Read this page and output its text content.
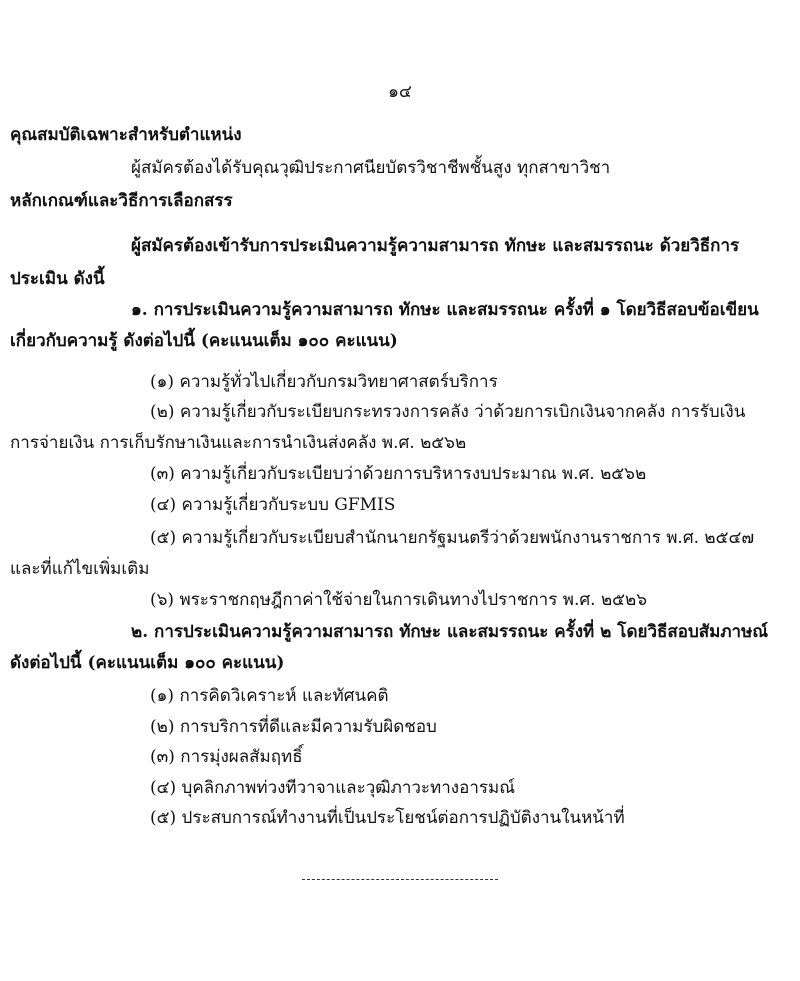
๑๔
คุณสมบัติเฉพาะสำหรับตำแหน่ง
ผู้สมัครต้องได้รับคุณวุฒิประกาศนียบัตรวิชาชีพชั้นสูง ทุกสาขาวิชา
หลักเกณฑ์และวิธีการเลือกสรร
ผู้สมัครต้องเข้ารับการประเมินความรู้ความสามารถ ทักษะ และสมรรถนะ ด้วยวิธีการ
ประเมิน ดังนี้
๑. การประเมินความรู้ความสามารถ ทักษะ และสมรรถนะ ครั้งที่ ๑ โดยวิธีสอบข้อเขียน
เกี่ยวกับความรู้ ดังต่อไปนี้ (คะแนนเต็ม ๑๐๐ คะแนน)
(๑) ความรู้ทั่วไปเกี่ยวกับกรมวิทยาศาสตร์บริการ
(๒) ความรู้เกี่ยวกับระเบียบกระทรวงการคลัง ว่าด้วยการเบิกเงินจากคลัง การรับเงิน
การจ่ายเงิน การเก็บรักษาเงินและการนำเงินส่งคลัง พ.ศ. ๒๕๖๒
(๓) ความรู้เกี่ยวกับระเบียบว่าด้วยการบริหารงบประมาณ พ.ศ. ๒๕๖๒
(๔) ความรู้เกี่ยวกับระบบ GFMIS
(๕) ความรู้เกี่ยวกับระเบียบสำนักนายกรัฐมนตรีว่าด้วยพนักงานราชการ พ.ศ. ๒๕๔๗
และที่แก้ไขเพิ่มเติม
(๖) พระราชกฤษฎีกาค่าใช้จ่ายในการเดินทางไปราชการ พ.ศ. ๒๕๒๖
๒. การประเมินความรู้ความสามารถ ทักษะ และสมรรถนะ ครั้งที่ ๒ โดยวิธีสอบสัมภาษณ์
ดังต่อไปนี้ (คะแนนเต็ม ๑๐๐ คะแนน)
(๑) การคิดวิเคราะห์ และทัศนคติ
(๒) การบริการที่ดีและมีความรับผิดชอบ
(๓) การมุ่งผลสัมฤทธิ์
(๔) บุคลิกภาพท่วงทีวาจาและวุฒิภาวะทางอารมณ์
(๕) ประสบการณ์ทำงานที่เป็นประโยชน์ต่อการปฏิบัติงานในหน้าที่
